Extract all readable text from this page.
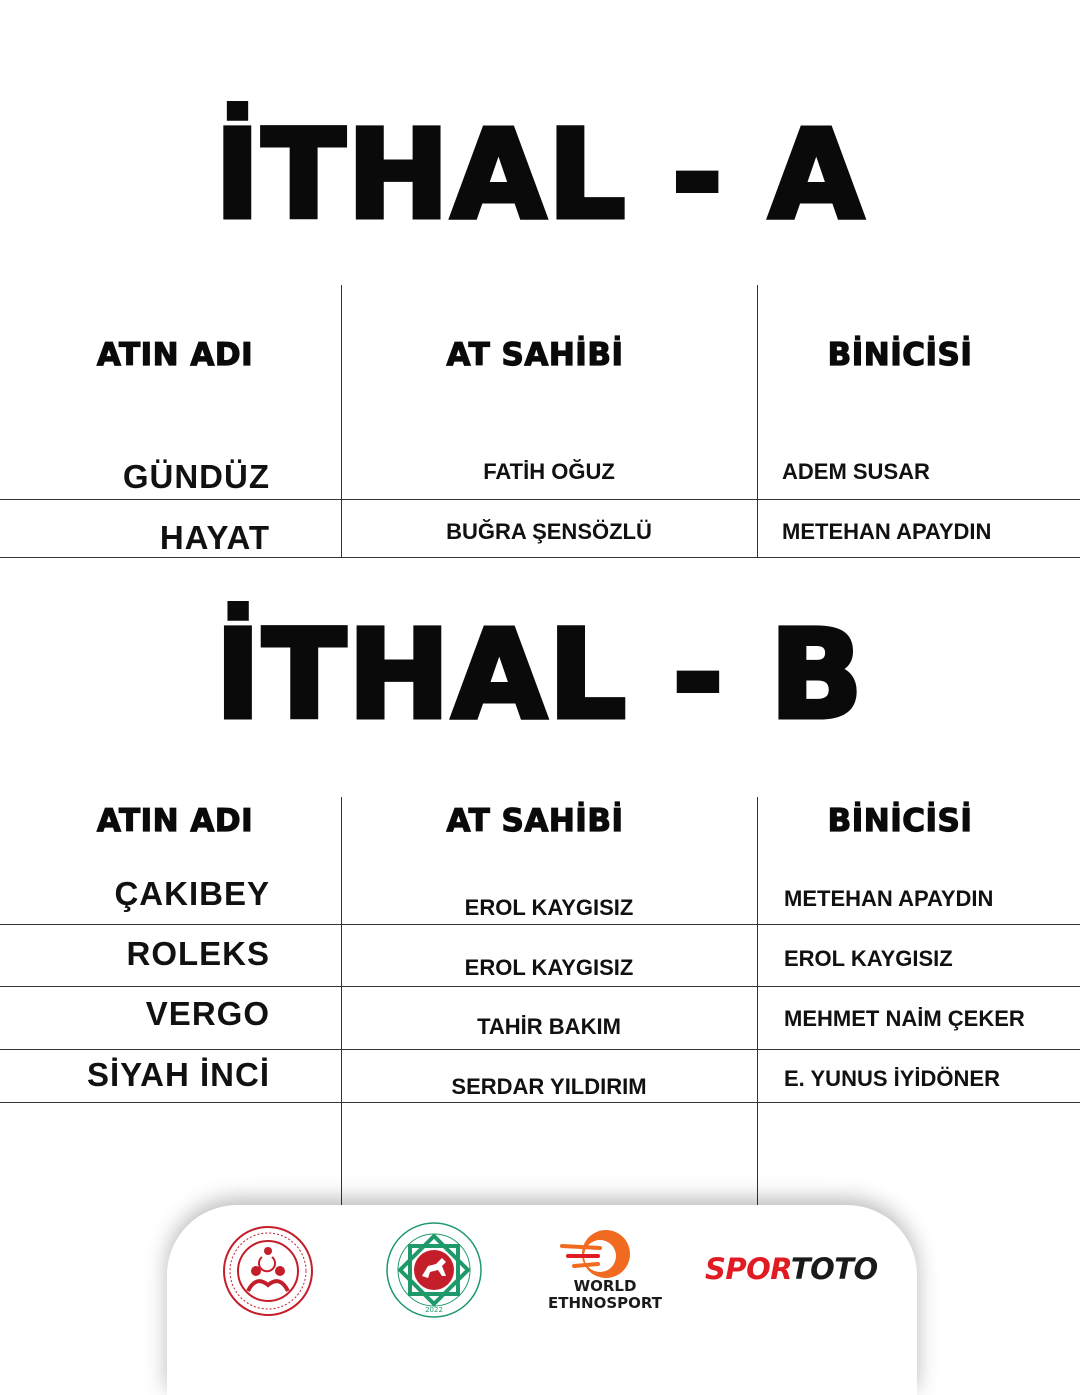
İTHAL - A
ATIN ADI	AT SAHİBİ	BİNİCİSİ
GÜNDÜZ	FATİH OĞUZ	ADEM SUSAR
HAYAT	BUĞRA ŞENSÖZLÜ	METEHAN APAYDIN
İTHAL - B
ATIN ADI	AT SAHİBİ	BİNİCİSİ
ÇAKIBEY	EROL KAYGISIZ	METEHAN APAYDIN
ROLEKS	EROL KAYGISIZ	EROL KAYGISIZ
VERGO	TAHİR BAKIM	MEHMET NAİM ÇEKER
SİYAH İNCİ	SERDAR YILDIRIM	E. YUNUS İYİDÖNER
2022
WORLD
ETHNOSPORT
SPORTOTO
